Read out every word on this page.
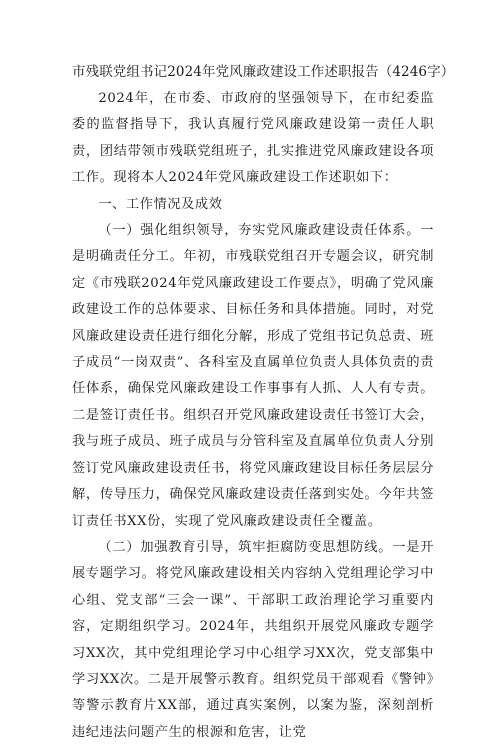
市残联党组书记2024年党风廉政建设工作述职报告（4246字）

2024年，在市委、市政府的坚强领导下，在市纪委监委的监督指导下，我认真履行党风廉政建设第一责任人职责，团结带领市残联党组班子，扎实推进党风廉政建设各项工作。现将本人2024年党风廉政建设工作述职如下：

一、工作情况及成效

（一）强化组织领导，夯实党风廉政建设责任体系。一是明确责任分工。年初，市残联党组召开专题会议，研究制定《市残联2024年党风廉政建设工作要点》，明确了党风廉政建设工作的总体要求、目标任务和具体措施。同时，对党风廉政建设责任进行细化分解，形成了党组书记负总责、班子成员“一岗双责”、各科室及直属单位负责人具体负责的责任体系，确保党风廉政建设工作事事有人抓、人人有专责。二是签订责任书。组织召开党风廉政建设责任书签订大会，我与班子成员、班子成员与分管科室及直属单位负责人分别签订党风廉政建设责任书，将党风廉政建设目标任务层层分解，传导压力，确保党风廉政建设责任落到实处。今年共签订责任书XX份，实现了党风廉政建设责任全覆盖。

（二）加强教育引导，筑牢拒腐防变思想防线。一是开展专题学习。将党风廉政建设相关内容纳入党组理论学习中心组、党支部“三会一课”、干部职工政治理论学习重要内容，定期组织学习。2024年，共组织开展党风廉政专题学习XX次，其中党组理论学习中心组学习XX次，党支部集中学习XX次。二是开展警示教育。组织党员干部观看《警钟》等警示教育片XX部，通过真实案例，以案为鉴，深刻剖析违纪违法问题产生的根源和危害，让党
